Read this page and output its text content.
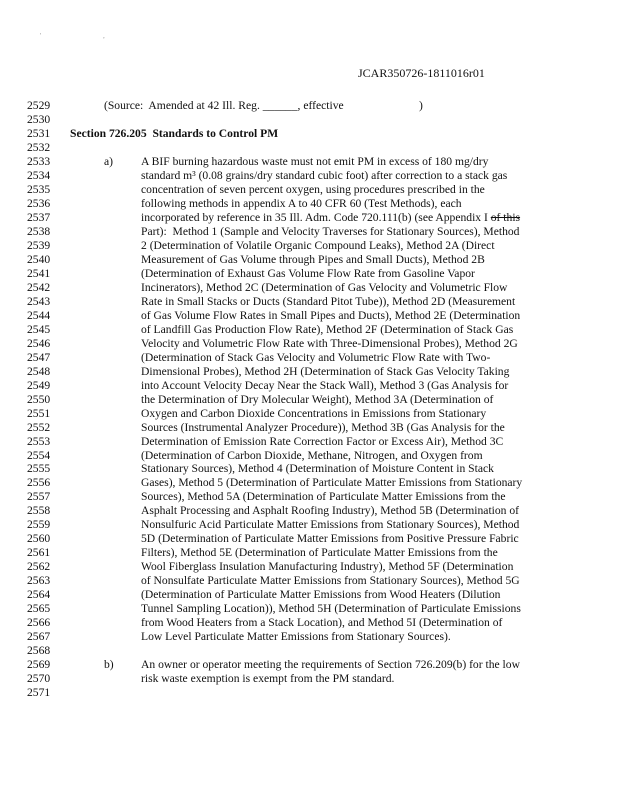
' ,
JCAR350726-1811016r01
2529	(Source:  Amended at 42 Ill. Reg. ______, effective                          )
2530
2531 Section 726.205  Standards to Control PM
2532
2533	a) A BIF burning hazardous waste must not emit PM in excess of 180 mg/dry
2534	standard m³ (0.08 grains/dry standard cubic foot) after correction to a stack gas
2535	concentration of seven percent oxygen, using procedures prescribed in the
2536	following methods in appendix A to 40 CFR 60 (Test Methods), each
2537	incorporated by reference in 35 Ill. Adm. Code 720.111(b) (see Appendix I of this
2538	Part):  Method 1 (Sample and Velocity Traverses for Stationary Sources), Method
2539	2 (Determination of Volatile Organic Compound Leaks), Method 2A (Direct
2540	Measurement of Gas Volume through Pipes and Small Ducts), Method 2B
2541	(Determination of Exhaust Gas Volume Flow Rate from Gasoline Vapor
2542	Incinerators), Method 2C (Determination of Gas Velocity and Volumetric Flow
2543	Rate in Small Stacks or Ducts (Standard Pitot Tube)), Method 2D (Measurement
2544	of Gas Volume Flow Rates in Small Pipes and Ducts), Method 2E (Determination
2545	of Landfill Gas Production Flow Rate), Method 2F (Determination of Stack Gas
2546	Velocity and Volumetric Flow Rate with Three-Dimensional Probes), Method 2G
2547	(Determination of Stack Gas Velocity and Volumetric Flow Rate with Two-
2548	Dimensional Probes), Method 2H (Determination of Stack Gas Velocity Taking
2549	into Account Velocity Decay Near the Stack Wall), Method 3 (Gas Analysis for
2550	the Determination of Dry Molecular Weight), Method 3A (Determination of
2551	Oxygen and Carbon Dioxide Concentrations in Emissions from Stationary
2552	Sources (Instrumental Analyzer Procedure)), Method 3B (Gas Analysis for the
2553	Determination of Emission Rate Correction Factor or Excess Air), Method 3C
2554	(Determination of Carbon Dioxide, Methane, Nitrogen, and Oxygen from
2555	Stationary Sources), Method 4 (Determination of Moisture Content in Stack
2556	Gases), Method 5 (Determination of Particulate Matter Emissions from Stationary
2557	Sources), Method 5A (Determination of Particulate Matter Emissions from the
2558	Asphalt Processing and Asphalt Roofing Industry), Method 5B (Determination of
2559	Nonsulfuric Acid Particulate Matter Emissions from Stationary Sources), Method
2560	5D (Determination of Particulate Matter Emissions from Positive Pressure Fabric
2561	Filters), Method 5E (Determination of Particulate Matter Emissions from the
2562	Wool Fiberglass Insulation Manufacturing Industry), Method 5F (Determination
2563	of Nonsulfate Particulate Matter Emissions from Stationary Sources), Method 5G
2564	(Determination of Particulate Matter Emissions from Wood Heaters (Dilution
2565	Tunnel Sampling Location)), Method 5H (Determination of Particulate Emissions
2566	from Wood Heaters from a Stack Location), and Method 5I (Determination of
2567	Low Level Particulate Matter Emissions from Stationary Sources).
2568
2569	b) An owner or operator meeting the requirements of Section 726.209(b) for the low
2570	risk waste exemption is exempt from the PM standard.
2571
